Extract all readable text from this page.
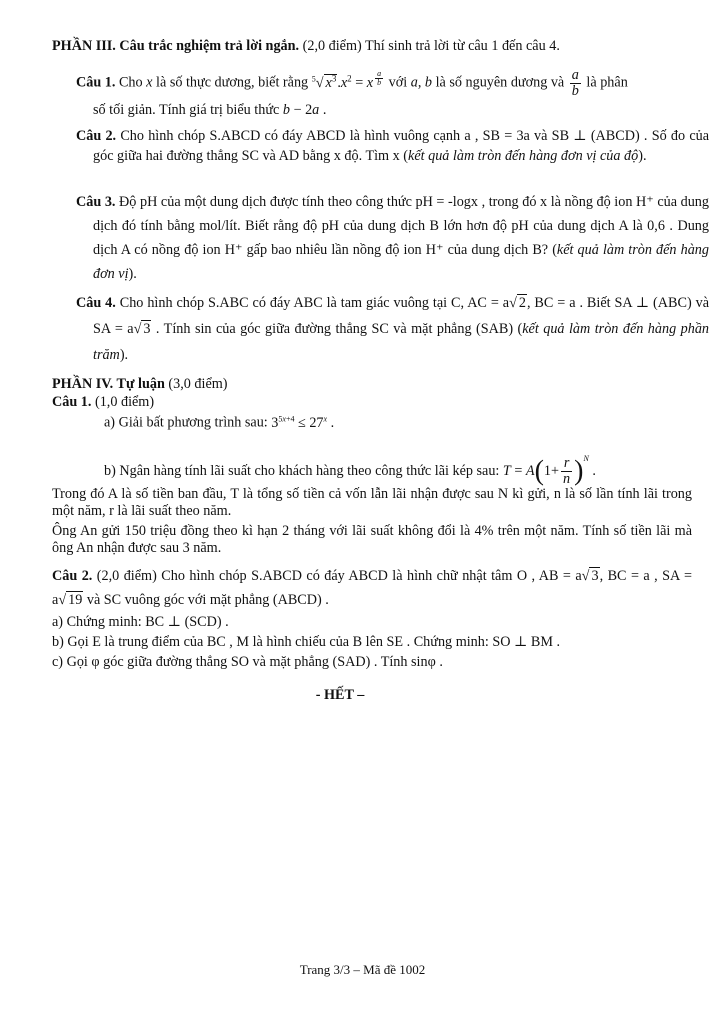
PHẦN III. Câu trắc nghiệm trả lời ngắn. (2,0 điểm) Thí sinh trả lời từ câu 1 đến câu 4.
Câu 1. Cho x là số thực dương, biết rằng $^5$√ $x^3.x^2 = x$ $^{\frac{a}{b}}$ với a, b là số nguyên dương và $\frac{a}{b}$ là phân
số tối giản. Tính giá trị biểu thức b − 2a .
Câu 2. Cho hình chóp S.ABCD có đáy ABCD là hình vuông cạnh a , SB = 3a và SB ⊥ (ABCD) . Số đo của góc giữa hai đường thẳng SC và AD bằng x độ. Tìm x (kết quả làm tròn đến hàng đơn vị của độ).
Câu 3. Độ pH của một dung dịch được tính theo công thức pH = -logx , trong đó x là nồng độ ion H⁺ của dung dịch đó tính bằng mol/lít. Biết rằng độ pH của dung dịch B lớn hơn độ pH của dung dịch A là 0,6 . Dung dịch A có nồng độ ion H⁺ gấp bao nhiêu lần nồng độ ion H⁺ của dung dịch B? (kết quả làm tròn đến hàng đơn vị).
Câu 4. Cho hình chóp S.ABC có đáy ABC là tam giác vuông tại C, AC = a√ 2, BC = a . Biết SA ⊥ (ABC) và SA = a√ 3 . Tính sin của góc giữa đường thẳng SC và mặt phẳng (SAB) (kết quả làm tròn đến hàng phần trăm).
PHẦN IV. Tự luận (3,0 điểm)
Câu 1. (1,0 điểm)
a) Giải bất phương trình sau: $3^{5x+4} \le 27^x$ .
b) Ngân hàng tính lãi suất cho khách hàng theo công thức lãi kép sau: $T = A(1+ \frac{r}{n} )^N$ .
Trong đó A là số tiền ban đầu, T là tổng số tiền cả vốn lẫn lãi nhận được sau N kì gửi, n là số lần tính lãi trong một năm, r là lãi suất theo năm.
Ông An gửi 150 triệu đồng theo kì hạn 2 tháng với lãi suất không đổi là 4% trên một năm. Tính số tiền lãi mà ông An nhận được sau 3 năm.
Câu 2. (2,0 điểm) Cho hình chóp S.ABCD có đáy ABCD là hình chữ nhật tâm O , AB = a√ 3, BC = a , SA = a√ 19 và SC vuông góc với mặt phẳng (ABCD) .
a) Chứng minh: BC ⊥ (SCD) .
b) Gọi E là trung điểm của BC , M là hình chiếu của B lên SE . Chứng minh: SO ⊥ BM .
c) Gọi φ góc giữa đường thẳng SO và mặt phẳng (SAD) . Tính sinφ .
- HẾT –
Trang 3/3 – Mã đề 1002
